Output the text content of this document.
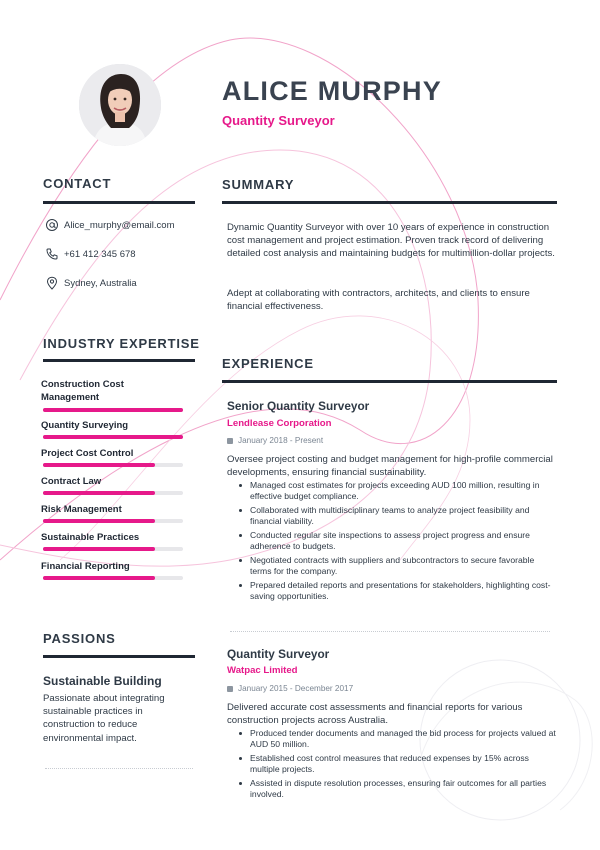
ALICE MURPHY
Quantity Surveyor
CONTACT
Alice_murphy@email.com
+61 412 345 678
Sydney, Australia
INDUSTRY EXPERTISE
Construction Cost Management
Quantity Surveying
Project Cost Control
Contract Law
Risk Management
Sustainable Practices
Financial Reporting
PASSIONS
Sustainable Building
Passionate about integrating sustainable practices in construction to reduce environmental impact.
SUMMARY
Dynamic Quantity Surveyor with over 10 years of experience in construction cost management and project estimation. Proven track record of delivering detailed cost analysis and maintaining budgets for multimillion-dollar projects.
Adept at collaborating with contractors, architects, and clients to ensure financial effectiveness.
EXPERIENCE
Senior Quantity Surveyor
Lendlease Corporation
January 2018 - Present
Oversee project costing and budget management for high-profile commercial developments, ensuring financial sustainability.
Managed cost estimates for projects exceeding AUD 100 million, resulting in effective budget compliance.
Collaborated with multidisciplinary teams to analyze project feasibility and financial viability.
Conducted regular site inspections to assess project progress and ensure adherence to budgets.
Negotiated contracts with suppliers and subcontractors to secure favorable terms for the company.
Prepared detailed reports and presentations for stakeholders, highlighting cost-saving opportunities.
Quantity Surveyor
Watpac Limited
January 2015 - December 2017
Delivered accurate cost assessments and financial reports for various construction projects across Australia.
Produced tender documents and managed the bid process for projects valued at AUD 50 million.
Established cost control measures that reduced expenses by 15% across multiple projects.
Assisted in dispute resolution processes, ensuring fair outcomes for all parties involved.
